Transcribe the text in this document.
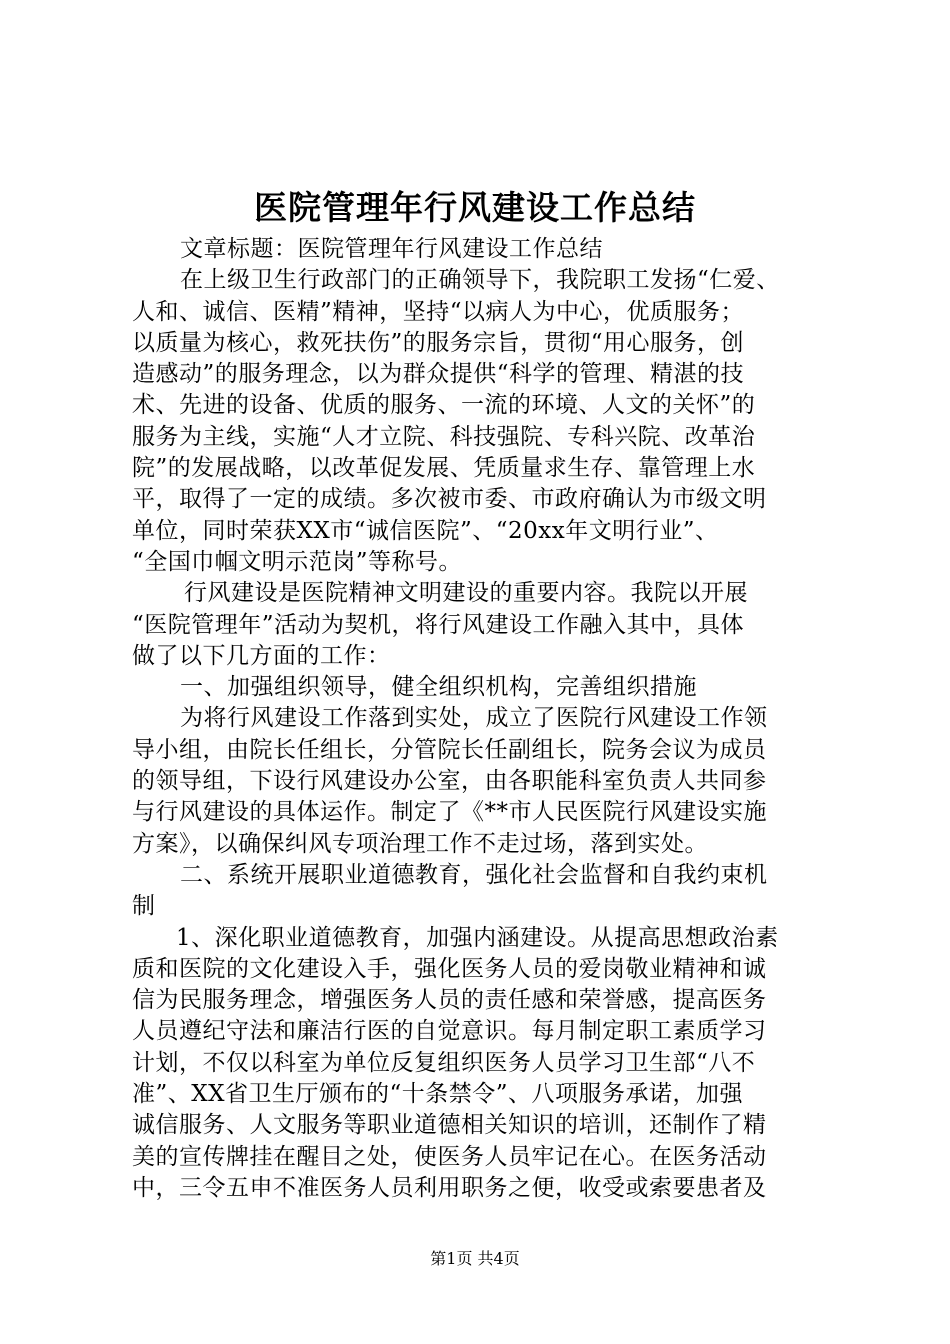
医院管理年行风建设工作总结
文章标题：医院管理年行风建设工作总结
在上级卫生行政部门的正确领导下，我院职工发扬“仁爱、
人和、诚信、医精”精神，坚持“以病人为中心，优质服务；
以质量为核心，救死扶伤”的服务宗旨，贯彻“用心服务，创
造感动”的服务理念，以为群众提供“科学的管理、精湛的技
术、先进的设备、优质的服务、一流的环境、人文的关怀”的
服务为主线，实施“人才立院、科技强院、专科兴院、改革治
院”的发展战略，以改革促发展、凭质量求生存、靠管理上水
平，取得了一定的成绩。多次被市委、市政府确认为市级文明
单位，同时荣获XX市“诚信医院”、“20xx年文明行业”、
“全国巾帼文明示范岗”等称号。
行风建设是医院精神文明建设的重要内容。我院以开展
“医院管理年”活动为契机，将行风建设工作融入其中，具体
做了以下几方面的工作：
一、加强组织领导，健全组织机构，完善组织措施
为将行风建设工作落到实处，成立了医院行风建设工作领
导小组，由院长任组长，分管院长任副组长，院务会议为成员
的领导组，下设行风建设办公室，由各职能科室负责人共同参
与行风建设的具体运作。制定了《**市人民医院行风建设实施
方案》，以确保纠风专项治理工作不走过场，落到实处。
二、系统开展职业道德教育，强化社会监督和自我约束机
制
1、深化职业道德教育，加强内涵建设。从提高思想政治素
质和医院的文化建设入手，强化医务人员的爱岗敬业精神和诚
信为民服务理念，增强医务人员的责任感和荣誉感，提高医务
人员遵纪守法和廉洁行医的自觉意识。每月制定职工素质学习
计划，不仅以科室为单位反复组织医务人员学习卫生部“八不
准”、XX省卫生厅颁布的“十条禁令”、八项服务承诺，加强
诚信服务、人文服务等职业道德相关知识的培训，还制作了精
美的宣传牌挂在醒目之处，使医务人员牢记在心。在医务活动
中，三令五申不准医务人员利用职务之便，收受或索要患者及
第1页 共4页
